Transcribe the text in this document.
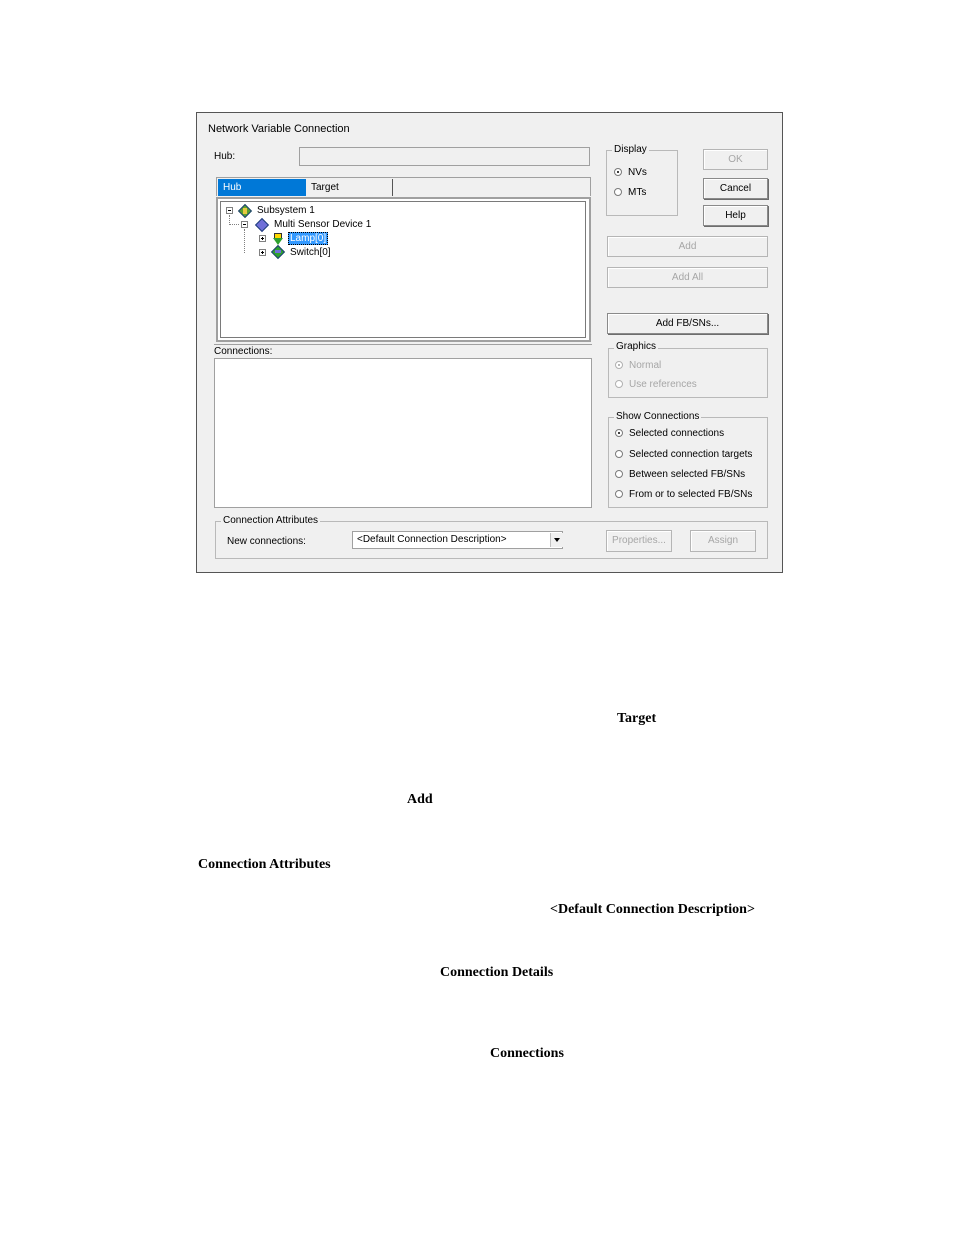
Network Variable Connection
Hub:
Hub	Target
Subsystem 1
Multi Sensor Device 1
Lamp[0]
Switch[0]
Connections:
Display
NVs
MTs
OK
Cancel
Help
Add
Add All
Add FB/SNs...
Graphics
Normal
Use references
Show Connections
Selected connections
Selected connection targets
Between selected FB/SNs
From or to selected FB/SNs
Connection Attributes
New connections:	<Default Connection Description>	Properties...	Assign
Target
Add
Connection Attributes
<Default Connection Description>
Connection Details
Connections
